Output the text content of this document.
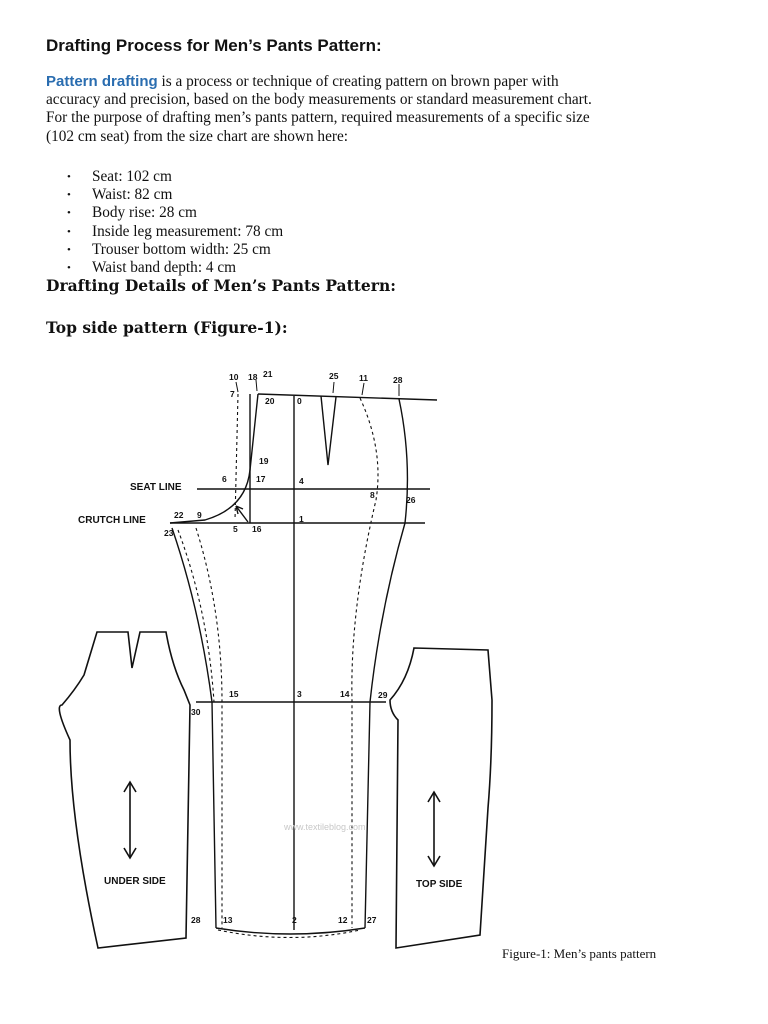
Drafting Process for Men’s Pants Pattern:
Pattern drafting is a process or technique of creating pattern on brown paper with
accuracy and precision, based on the body measurements or standard measurement chart.
For the purpose of drafting men’s pants pattern, required measurements of a specific size
(102 cm seat) from the size chart are shown here:
• Seat: 102 cm
• Waist: 82 cm
• Body rise: 28 cm
• Inside leg measurement: 78 cm
• Trouser bottom width: 25 cm
• Waist band depth: 4 cm
Drafting Details of Men’s Pants Pattern:
Top side pattern (Figure-1):
SEAT LINE
CRUTCH LINE
UNDER SIDE	TOP SIDE
www.textileblog.com
10 18 21	25 11	28
7
20	0
19
6	17	4
8	26
22 9	1
23	5 16
15	3	14	29
30
28	13	2	12 27
Figure-1: Men’s pants pattern
